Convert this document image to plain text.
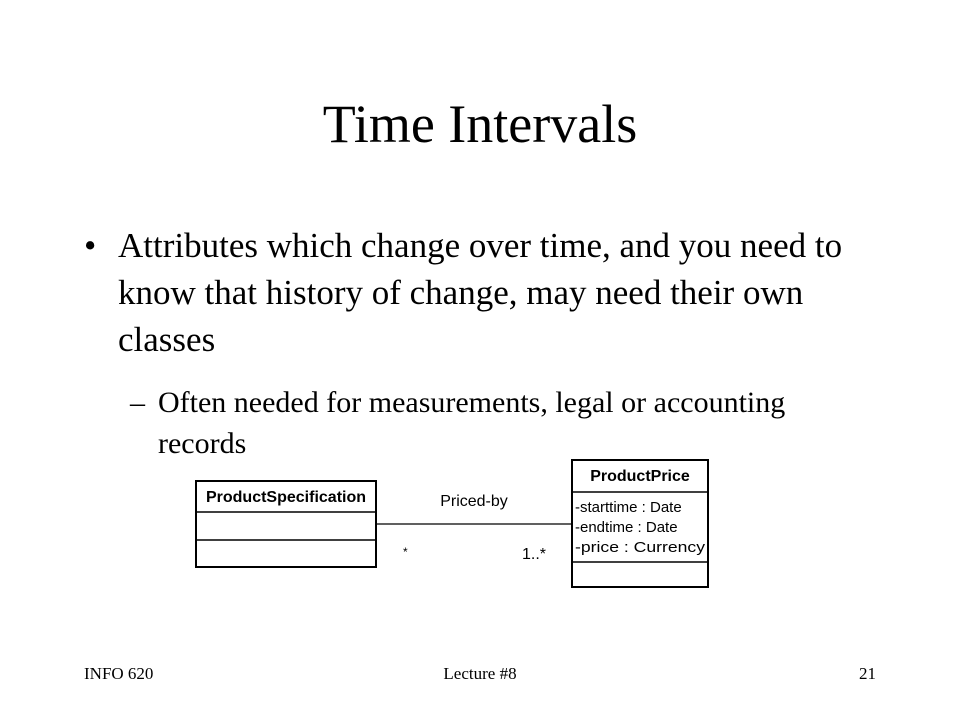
Time Intervals
• Attributes which change over time, and you need to know that history of change, may need their own classes
– Often needed for measurements, legal or accounting records
ProductSpecification
ProductPrice
-starttime : Date
-endtime : Date
-price : Currency
Priced-by
*	1..*
INFO 620	Lecture #8	21
